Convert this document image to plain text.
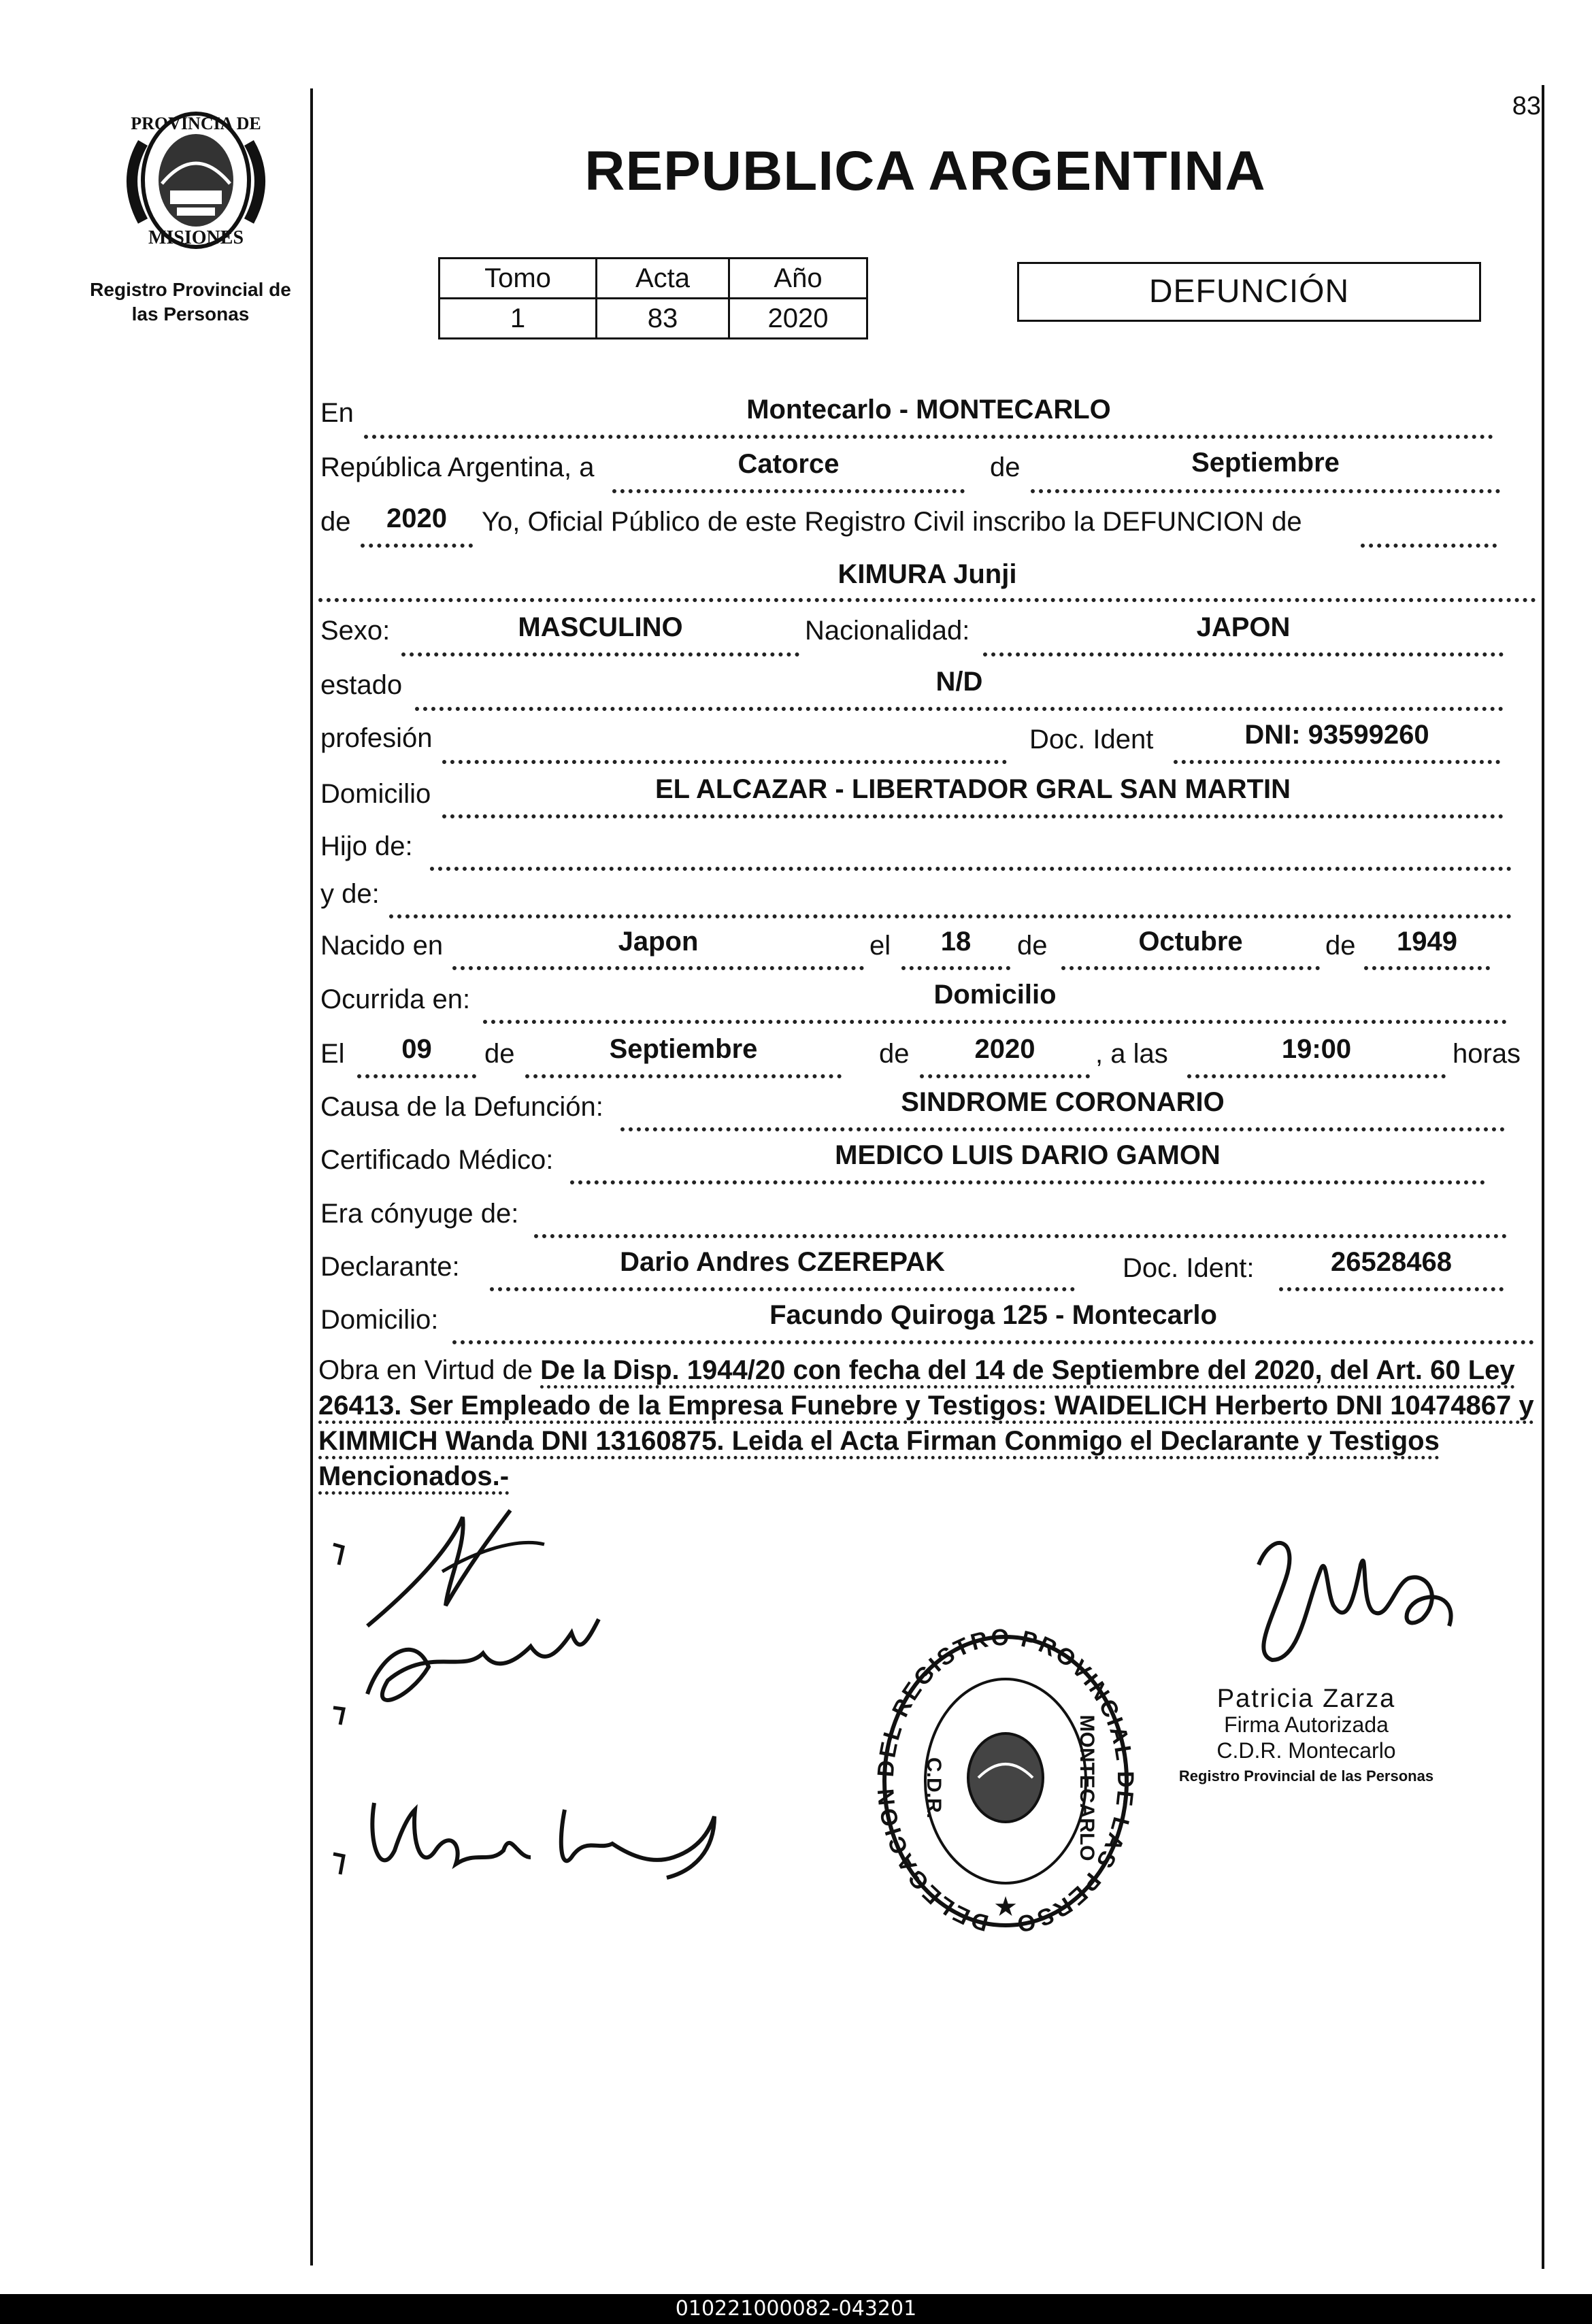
PROVINCIA DE
MISIONES
Registro Provincial de
las Personas
83
REPUBLICA ARGENTINA
Tomo	Acta	Año
1	83	2020
DEFUNCIÓN
En	Montecarlo - MONTECARLO
República Argentina, a	Catorce	de	Septiembre
de	2020	Yo, Oficial Público de este Registro Civil inscribo la DEFUNCION de
KIMURA Junji
Sexo:	MASCULINO	Nacionalidad:	JAPON
estado	N/D
profesión	Doc. Ident	DNI: 93599260
Domicilio	EL ALCAZAR - LIBERTADOR GRAL SAN MARTIN
Hijo de:
y de:
Nacido en	Japon	el	18	de	Octubre	de	1949
Ocurrida en:	Domicilio
El	09	de	Septiembre	de	2020	, a las	19:00	horas
Causa de la Defunción:	SINDROME CORONARIO
Certificado Médico:	MEDICO LUIS DARIO GAMON
Era cónyuge de:
Declarante:	Dario Andres CZEREPAK	Doc. Ident:	26528468
Domicilio:	Facundo Quiroga 125 - Montecarlo
Obra en Virtud de De la Disp. 1944/20 con fecha del 14 de Septiembre del 2020, del Art. 60 Ley 26413. Ser Empleado de la Empresa Funebre y Testigos: WAIDELICH Herberto DNI 10474867 y KIMMICH Wanda DNI 13160875. Leida el Acta Firman Conmigo el Declarante y Testigos Mencionados.-
DELEGACION DEL REGISTRO PROVINCIAL DE LAS PERSONAS
C.D.R.	MONTECARLO
★
Patricia Zarza
Firma Autorizada
C.D.R. Montecarlo
Registro Provincial de las Personas
010221000082-043201
